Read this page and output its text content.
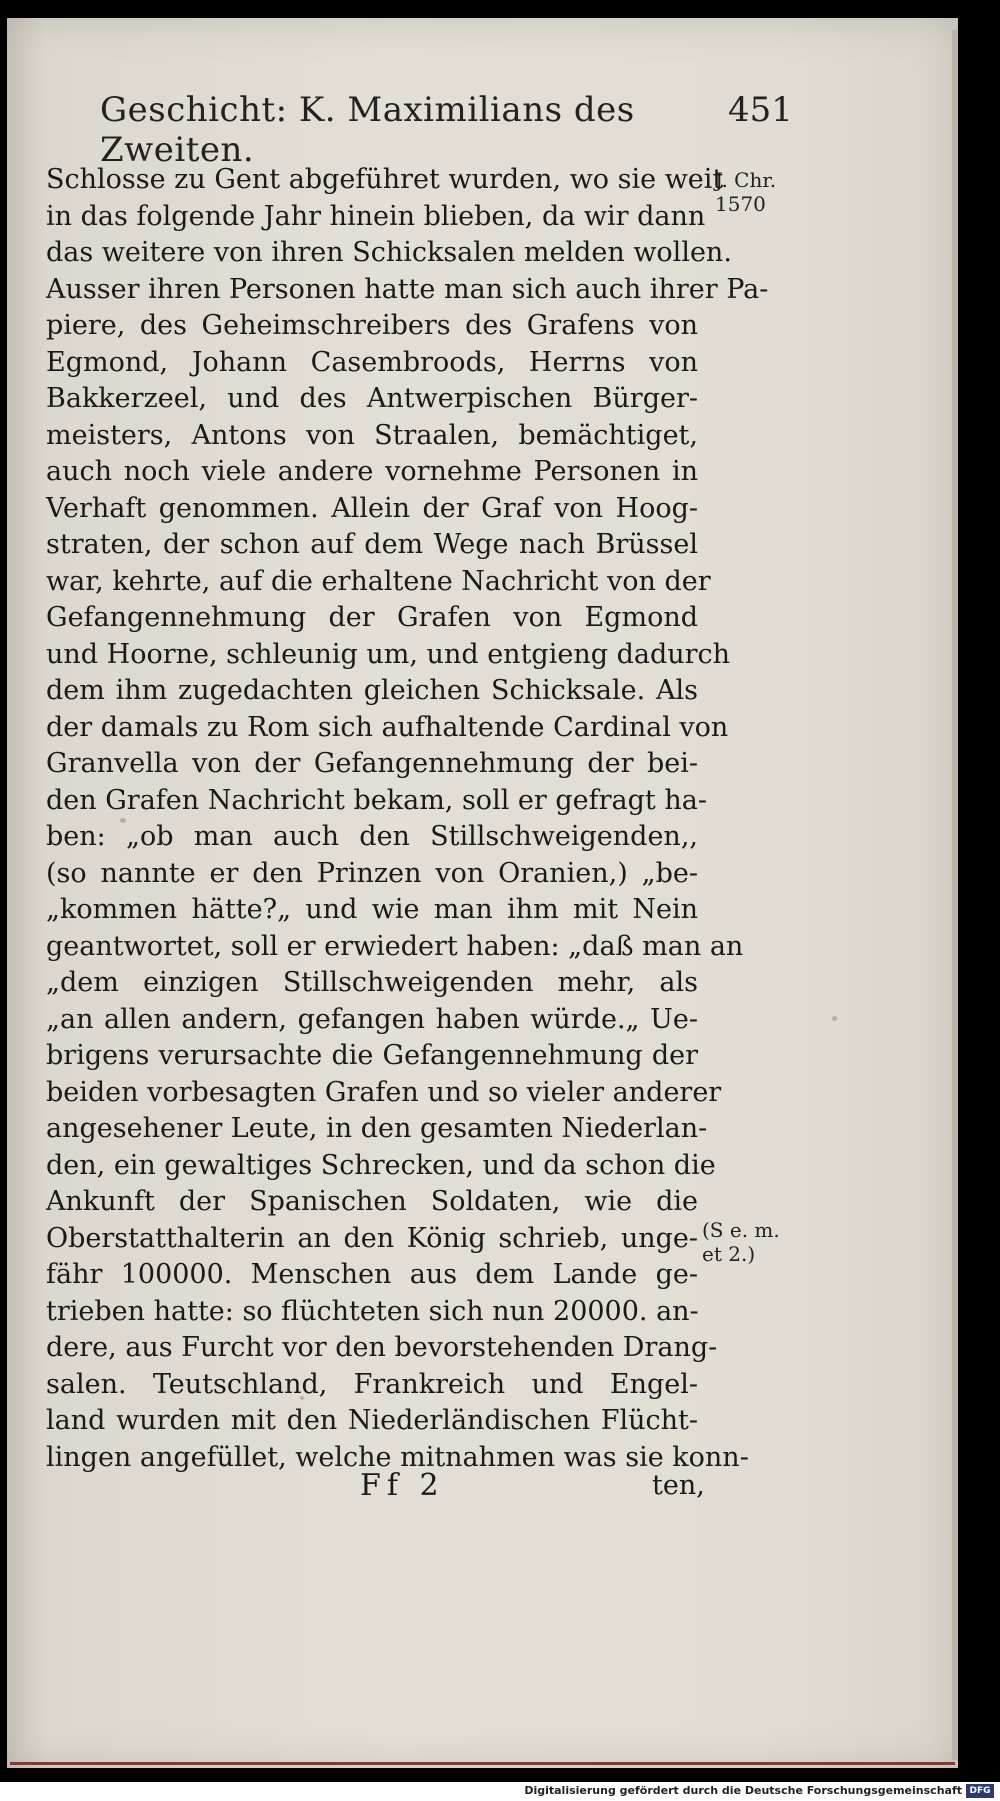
Geschicht: K. Maximilians des Zweiten.
451
J. Chr.
1570
(S e. m.
et 2.)
Schlosse zu Gent abgeführet wurden, wo sie weit
in das folgende Jahr hinein blieben, da wir dann
das weitere von ihren Schicksalen melden wollen.
Ausser ihren Personen hatte man sich auch ihrer Pa-
piere, des Geheimschreibers des Grafens von
Egmond, Johann Casembroods, Herrns von
Bakkerzeel, und des Antwerpischen Bürger-
meisters, Antons von Straalen, bemächtiget,
auch noch viele andere vornehme Personen in
Verhaft genommen. Allein der Graf von Hoog-
straten, der schon auf dem Wege nach Brüssel
war, kehrte, auf die erhaltene Nachricht von der
Gefangennehmung der Grafen von Egmond
und Hoorne, schleunig um, und entgieng dadurch
dem ihm zugedachten gleichen Schicksale. Als
der damals zu Rom sich aufhaltende Cardinal von
Granvella von der Gefangennehmung der bei-
den Grafen Nachricht bekam, soll er gefragt ha-
ben: „ob man auch den Stillschweigenden,,
(so nannte er den Prinzen von Oranien,) „be-
„kommen hätte?„ und wie man ihm mit Nein
geantwortet, soll er erwiedert haben: „daß man an
„dem einzigen Stillschweigenden mehr, als
„an allen andern, gefangen haben würde.„ Ue-
brigens verursachte die Gefangennehmung der
beiden vorbesagten Grafen und so vieler anderer
angesehener Leute, in den gesamten Niederlan-
den, ein gewaltiges Schrecken, und da schon die
Ankunft der Spanischen Soldaten, wie die
Oberstatthalterin an den König schrieb, unge-
fähr 100000. Menschen aus dem Lande ge-
trieben hatte: so flüchteten sich nun 20000. an-
dere, aus Furcht vor den bevorstehenden Drang-
salen. Teutschland, Frankreich und Engel-
land wurden mit den Niederländischen Flücht-
lingen angefüllet, welche mitnahmen was sie konn-
Ff 2	ten,
Digitalisierung gefördert durch die Deutsche Forschungsgemeinschaft DFG
